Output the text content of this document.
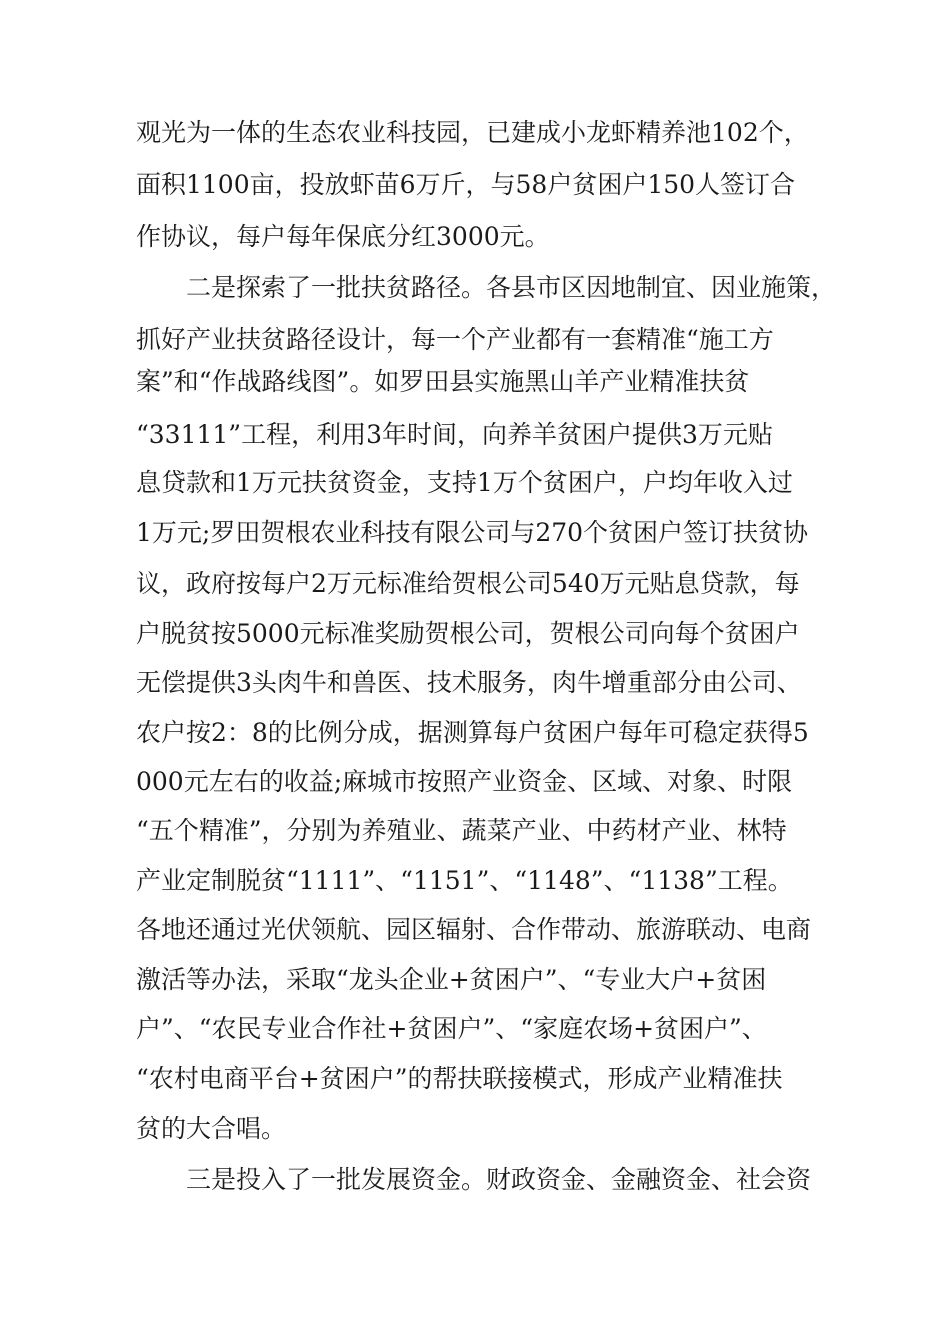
观光为一体的生态农业科技园，已建成小龙虾精养池102个，

面积1100亩，投放虾苗6万斤，与58户贫困户150人签订合

作协议，每户每年保底分红3000元。

二是探索了一批扶贫路径。各县市区因地制宜、因业施策，

抓好产业扶贫路径设计，每一个产业都有一套精准“施工方

案”和“作战路线图”。如罗田县实施黑山羊产业精准扶贫

“33111”工程，利用3年时间，向养羊贫困户提供3万元贴

息贷款和1万元扶贫资金，支持1万个贫困户，户均年收入过

1万元;罗田贺根农业科技有限公司与270个贫困户签订扶贫协

议，政府按每户2万元标准给贺根公司540万元贴息贷款，每

户脱贫按5000元标准奖励贺根公司，贺根公司向每个贫困户

无偿提供3头肉牛和兽医、技术服务，肉牛增重部分由公司、

农户按2：8的比例分成，据测算每户贫困户每年可稳定获得5

000元左右的收益;麻城市按照产业资金、区域、对象、时限

“五个精准”，分别为养殖业、蔬菜产业、中药材产业、林特

产业定制脱贫“1111”、“1151”、“1148”、“1138”工程。

各地还通过光伏领航、园区辐射、合作带动、旅游联动、电商

激活等办法，采取“龙头企业+贫困户”、“专业大户+贫困

户”、“农民专业合作社+贫困户”、“家庭农场+贫困户”、

“农村电商平台+贫困户”的帮扶联接模式，形成产业精准扶

贫的大合唱。

三是投入了一批发展资金。财政资金、金融资金、社会资
